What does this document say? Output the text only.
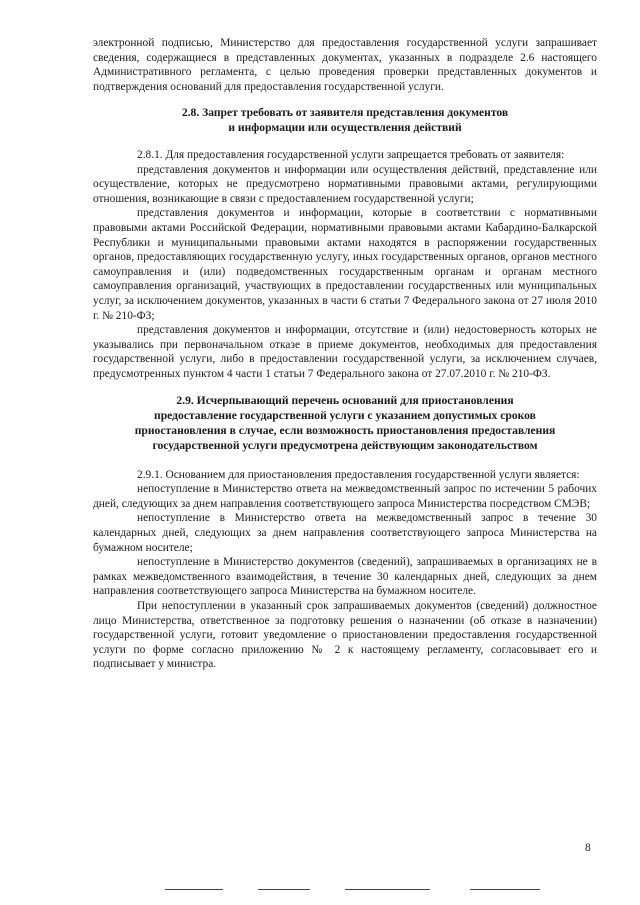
электронной подписью, Министерство для предоставления государственной услуги запрашивает сведения, содержащиеся в представленных документах, указанных в подразделе 2.6 настоящего Административного регламента, с целью проведения проверки представленных документов и подтверждения оснований для предоставления государственной услуги.

2.8. Запрет требовать от заявителя представления документов
и информации или осуществления действий

2.8.1. Для предоставления государственной услуги запрещается требовать от заявителя:

представления документов и информации или осуществления действий, представление или осуществление, которых не предусмотрено нормативными правовыми актами, регулирующими отношения, возникающие в связи с предоставлением государственной услуги;

представления документов и информации, которые в соответствии с нормативными правовыми актами Российской Федерации, нормативными правовыми актами Кабардино-Балкарской Республики и муниципальными правовыми актами находятся в распоряжении государственных органов, предоставляющих государственную услугу, иных государственных органов, органов местного самоуправления и (или) подведомственных государственным органам и органам местного самоуправления организаций, участвующих в предоставлении государственных или муниципальных услуг, за исключением документов, указанных в части 6 статьи 7 Федерального закона от 27 июля 2010 г. № 210-ФЗ;

представления документов и информации, отсутствие и (или) недостоверность которых не указывались при первоначальном отказе в приеме документов, необходимых для предоставления государственной услуги, либо в предоставлении государственной услуги, за исключением случаев, предусмотренных пунктом 4 части 1 статьи 7 Федерального закона от 27.07.2010 г. № 210-ФЗ.

2.9. Исчерпывающий перечень оснований для приостановления
предоставление государственной услуги с указанием допустимых сроков
приостановления в случае, если возможность приостановления предоставления
государственной услуги предусмотрена действующим законодательством

2.9.1. Основанием для приостановления предоставления государственной услуги является:

непоступление в Министерство ответа на межведомственный запрос по истечении 5 рабочих дней, следующих за днем направления соответствующего запроса Министерства посредством СМЭВ;

непоступление в Министерство ответа на межведомственный запрос в течение 30 календарных дней, следующих за днем направления соответствующего запроса Министерства на бумажном носителе;

непоступление в Министерство документов (сведений), запрашиваемых в организациях не в рамках межведомственного взаимодействия, в течение 30 календарных дней, следующих за днем направления соответствующего запроса Министерства на бумажном носителе.

При непоступлении в указанный срок запрашиваемых документов (сведений) должностное лицо Министерства, ответственное за подготовку решения о назначении (об отказе в назначении) государственной услуги, готовит уведомление о приостановлении предоставления государственной услуги по форме согласно приложению № 2 к настоящему регламенту, согласовывает его и подписывает у министра.

8
